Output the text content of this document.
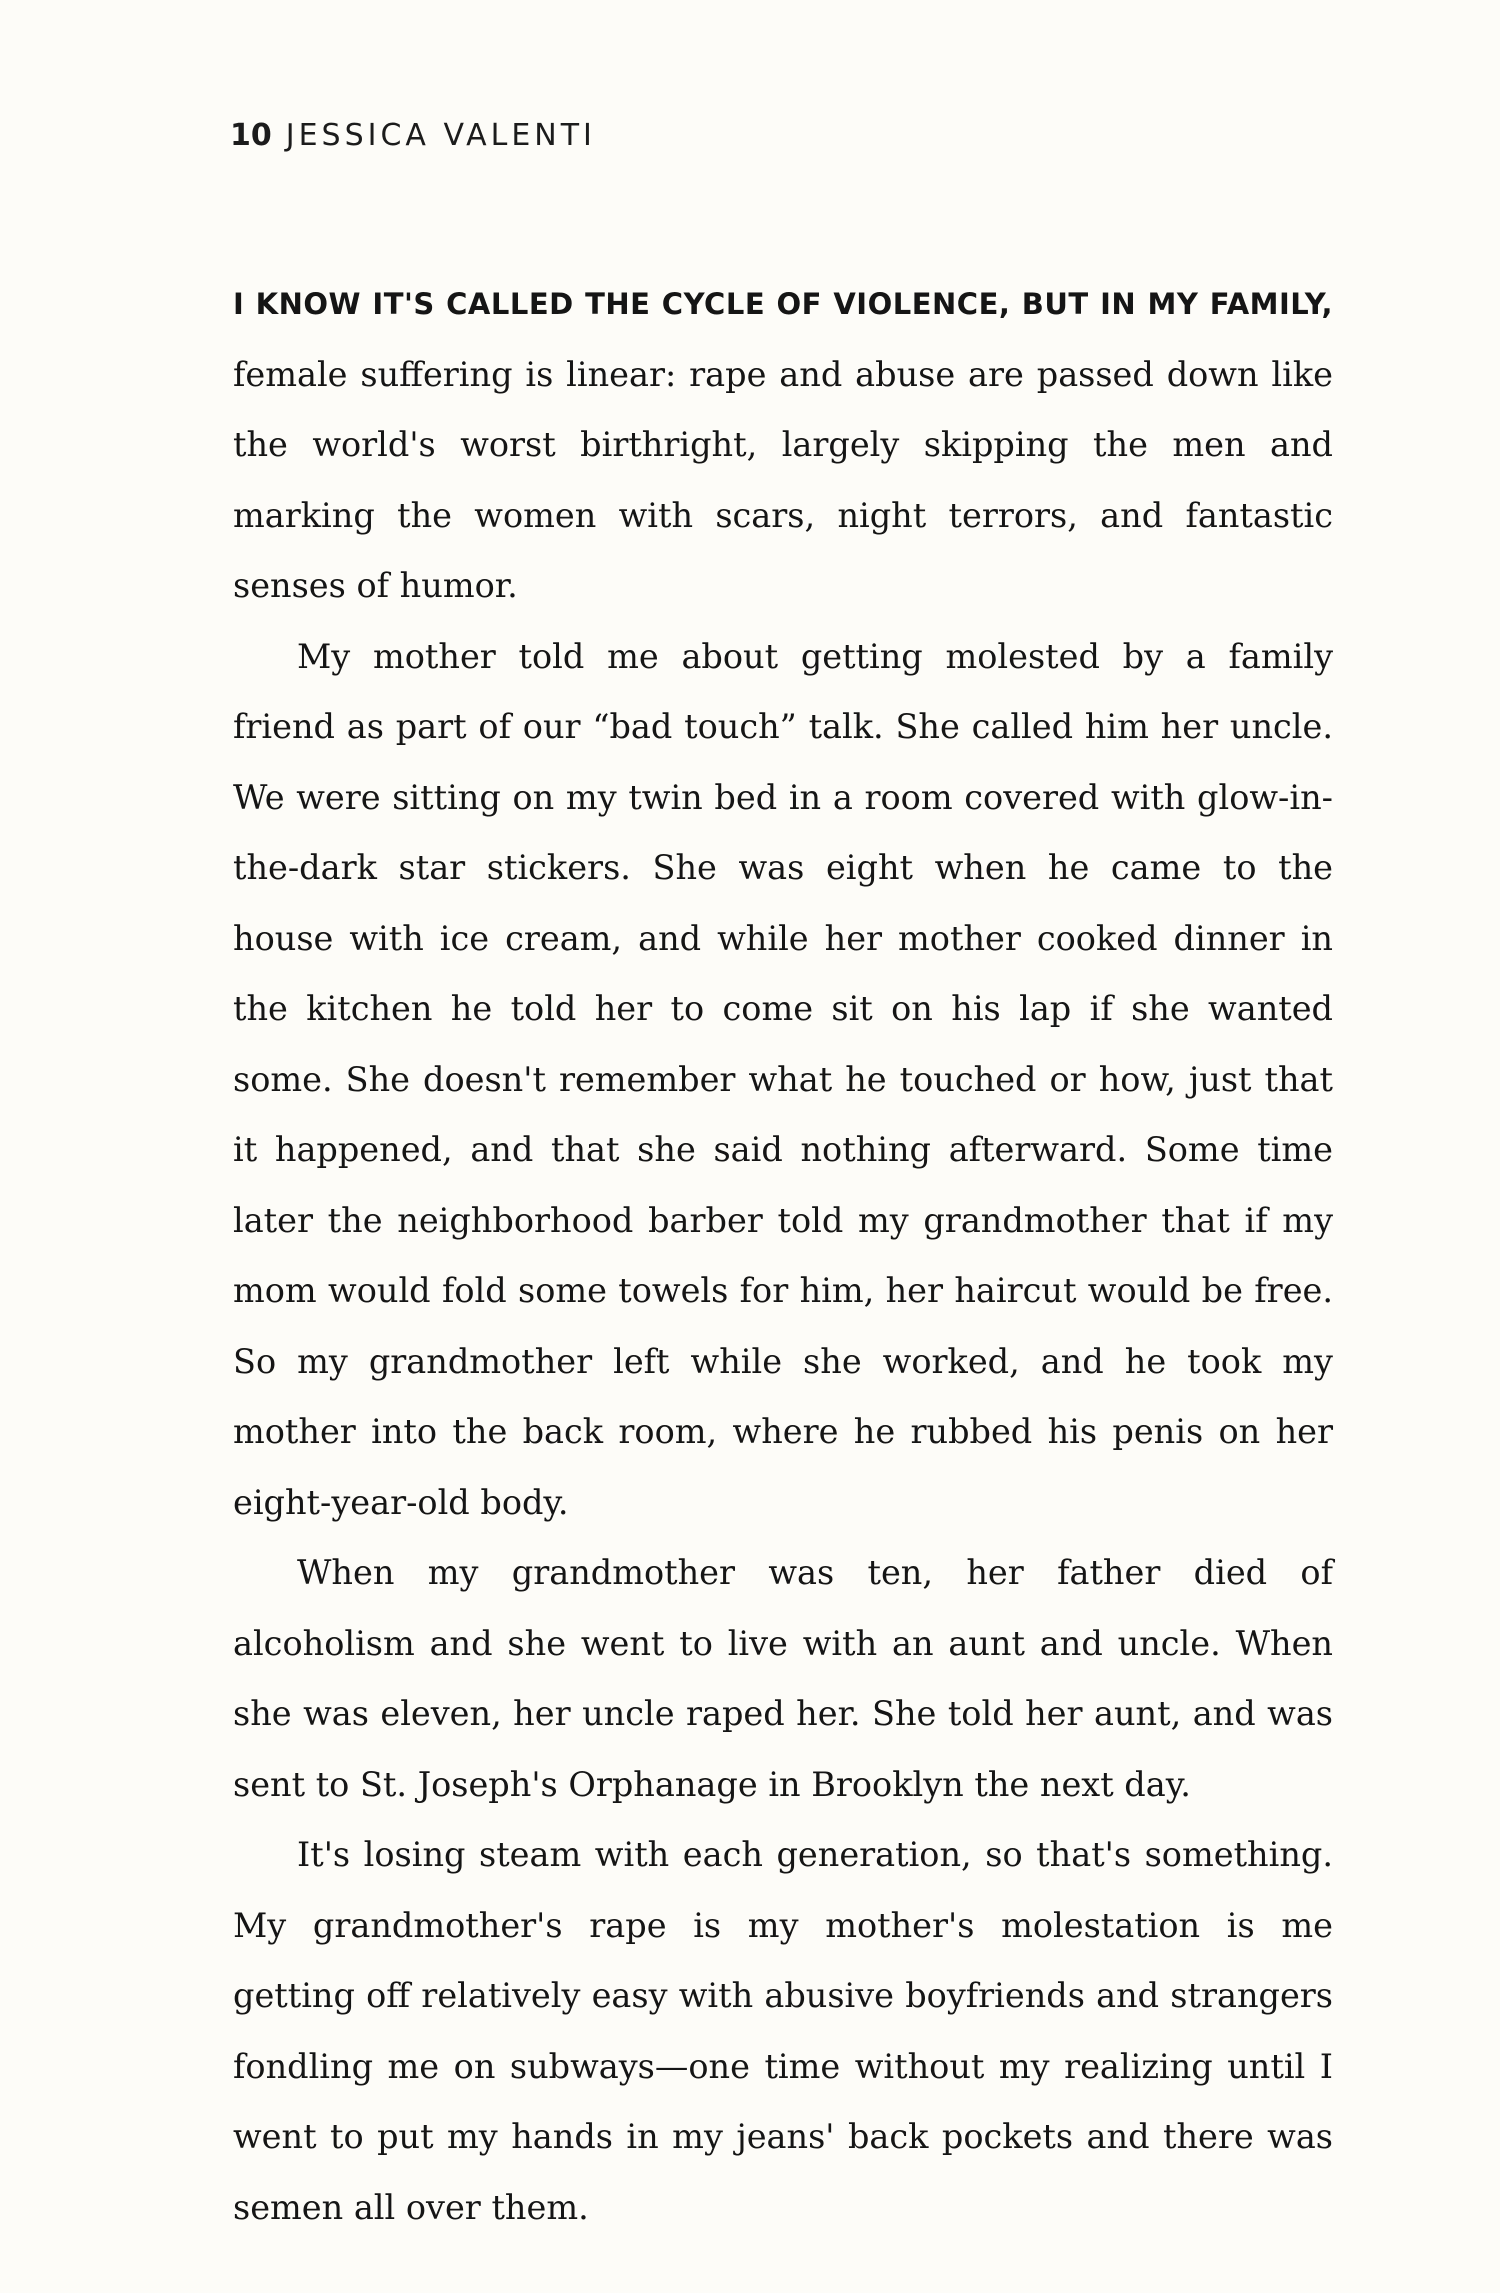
10 JESSICA VALENTI

I KNOW IT'S CALLED THE CYCLE OF VIOLENCE, BUT IN MY FAMILY, female suffering is linear: rape and abuse are passed down like the world's worst birthright, largely skipping the men and marking the women with scars, night terrors, and fantastic senses of humor.

My mother told me about getting molested by a family friend as part of our “bad touch” talk. She called him her uncle. We were sitting on my twin bed in a room covered with glow-in-the-dark star stickers. She was eight when he came to the house with ice cream, and while her mother cooked dinner in the kitchen he told her to come sit on his lap if she wanted some. She doesn't remember what he touched or how, just that it happened, and that she said nothing afterward. Some time later the neighborhood barber told my grandmother that if my mom would fold some towels for him, her haircut would be free. So my grandmother left while she worked, and he took my mother into the back room, where he rubbed his penis on her eight-year-old body.

When my grandmother was ten, her father died of alcoholism and she went to live with an aunt and uncle. When she was eleven, her uncle raped her. She told her aunt, and was sent to St. Joseph's Orphanage in Brooklyn the next day.

It's losing steam with each generation, so that's something. My grandmother's rape is my mother's molestation is me getting off relatively easy with abusive boyfriends and strangers fondling me on subways—one time without my realizing until I went to put my hands in my jeans' back pockets and there was semen all over them.
